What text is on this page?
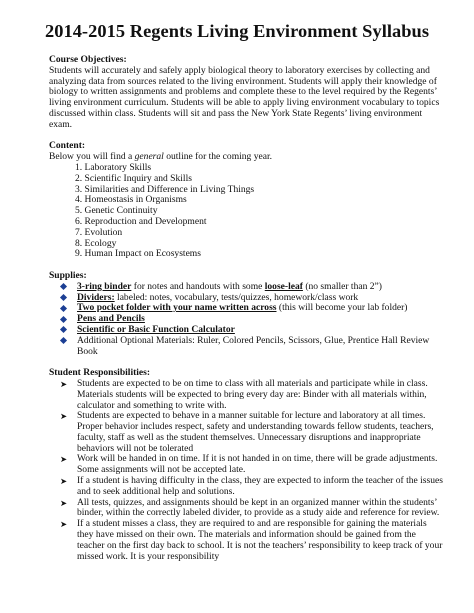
2014-2015 Regents Living Environment Syllabus
Course Objectives:
Students will accurately and safely apply biological theory to laboratory exercises by collecting and analyzing data from sources related to the living environment. Students will apply their knowledge of biology to written assignments and problems and complete these to the level required by the Regents’ living environment curriculum. Students will be able to apply living environment vocabulary to topics discussed within class. Students will sit and pass the New York State Regents’ living environment exam.
Content:
Below you will find a general outline for the coming year.
1. Laboratory Skills
2. Scientific Inquiry and Skills
3. Similarities and Difference in Living Things
4. Homeostasis in Organisms
5. Genetic Continuity
6. Reproduction and Development
7. Evolution
8. Ecology
9. Human Impact on Ecosystems
Supplies:
3-ring binder for notes and handouts with some loose-leaf (no smaller than 2”)
Dividers: labeled: notes, vocabulary, tests/quizzes, homework/class work
Two pocket folder with your name written across (this will become your lab folder)
Pens and Pencils
Scientific or Basic Function Calculator
Additional Optional Materials: Ruler, Colored Pencils, Scissors, Glue, Prentice Hall Review Book
Student Responsibilities:
➤ Students are expected to be on time to class with all materials and participate while in class. Materials students will be expected to bring every day are: Binder with all materials within, calculator and something to write with.
➤ Students are expected to behave in a manner suitable for lecture and laboratory at all times. Proper behavior includes respect, safety and understanding towards fellow students, teachers, faculty, staff as well as the student themselves. Unnecessary disruptions and inappropriate behaviors will not be tolerated
➤ Work will be handed in on time. If it is not handed in on time, there will be grade adjustments. Some assignments will not be accepted late.
➤ If a student is having difficulty in the class, they are expected to inform the teacher of the issues and to seek additional help and solutions.
➤ All tests, quizzes, and assignments should be kept in an organized manner within the students’ binder, within the correctly labeled divider, to provide as a study aide and reference for review.
➤ If a student misses a class, they are required to and are responsible for gaining the materials they have missed on their own. The materials and information should be gained from the teacher on the first day back to school. It is not the teachers’ responsibility to keep track of your missed work. It is your responsibility
